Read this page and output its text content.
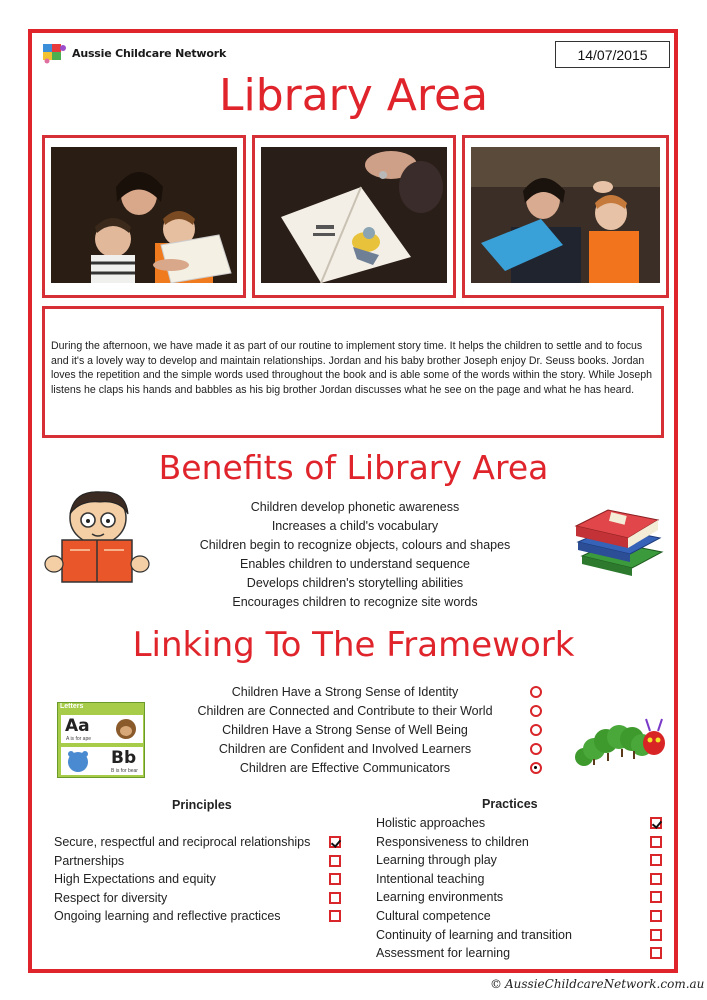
Aussie Childcare Network	14/07/2015
Library Area

During the afternoon, we have made it as part of our routine to implement story time. It helps the children to settle and to focus and it's a lovely way to develop and maintain relationships. Jordan and his baby brother Joseph enjoy Dr. Seuss books. Jordan loves the repetition and the simple words used throughout the book and is able some of the words within the story. While Joseph listens he claps his hands and babbles as his big brother Jordan discusses what he see on the page and what he has heard.

Benefits of Library Area
Children develop phonetic awareness
Increases a child's vocabulary
Children begin to recognize objects, colours and shapes
Enables children to understand sequence
Develops children's storytelling abilities
Encourages children to recognize site words
Linking To The Framework
Letters
Aa
A is for ape
Bb
B is for bear
Children Have a Strong Sense of Identity
Children are Connected and Contribute to their World
Children Have a Strong Sense of Well Being
Children are Confident and Involved Learners
Children are Effective Communicators
Principles
Secure, respectful and reciprocal relationships
Partnerships
High Expectations and equity
Respect for diversity
Ongoing learning and reflective practices
Practices
Holistic approaches
Responsiveness to children
Learning through play
Intentional teaching
Learning environments
Cultural competence
Continuity of learning and transition
Assessment for learning
© AussieChildcareNetwork.com.au
